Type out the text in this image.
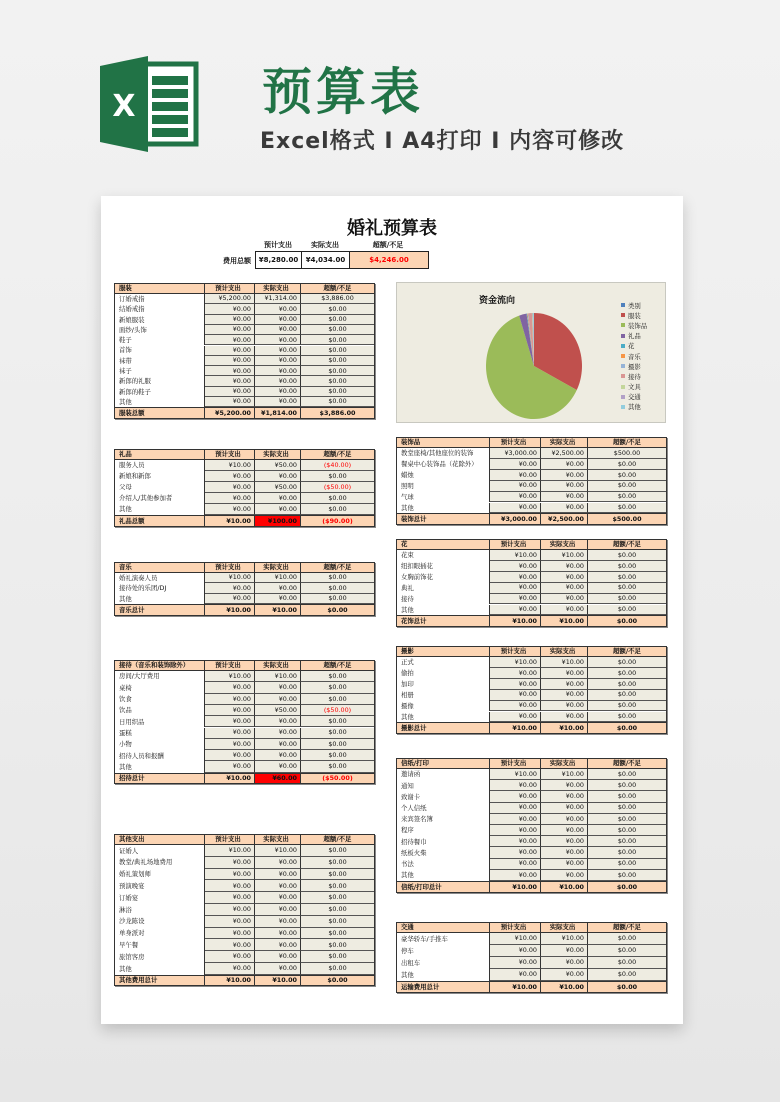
X	预算表
Excel格式 I A4打印 I 内容可修改
婚礼预算表
预计支出	实际支出	超额/不足
费用总额	¥8,280.00	¥4,034.00	$4,246.00
服装	预计支出	实际支出	超额/不足
订婚戒指	¥5,200.00	¥1,314.00	$3,886.00
结婚戒指	¥0.00	¥0.00	$0.00
新娘服装	¥0.00	¥0.00	$0.00
面纱/头饰	¥0.00	¥0.00	$0.00
鞋子	¥0.00	¥0.00	$0.00
首饰	¥0.00	¥0.00	$0.00
袜带	¥0.00	¥0.00	$0.00
袜子	¥0.00	¥0.00	$0.00
新郎的礼服	¥0.00	¥0.00	$0.00
新郎的鞋子	¥0.00	¥0.00	$0.00
其他	¥0.00	¥0.00	$0.00
服装总额	¥5,200.00	¥1,814.00	$3,886.00
礼品	预计支出	实际支出	超额/不足
服务人员	¥10.00	¥50.00	($40.00)
新娘和新郎	¥0.00	¥0.00	$0.00
父母	¥0.00	¥50.00	($50.00)
介绍人/其他参加者	¥0.00	¥0.00	$0.00
其他	¥0.00	¥0.00	$0.00
礼品总额	¥10.00	¥100.00	($90.00)
音乐	预计支出	实际支出	超额/不足
婚礼演奏人员	¥10.00	¥10.00	$0.00
接待处的乐团/DJ	¥0.00	¥0.00	$0.00
其他	¥0.00	¥0.00	$0.00
音乐总计	¥10.00	¥10.00	$0.00
接待（音乐和装饰除外）	预计支出	实际支出	超额/不足
房间/大厅费用	¥10.00	¥10.00	$0.00
桌椅	¥0.00	¥0.00	$0.00
饮食	¥0.00	¥0.00	$0.00
饮品	¥0.00	¥50.00	($50.00)
日用织品	¥0.00	¥0.00	$0.00
蛋糕	¥0.00	¥0.00	$0.00
小物	¥0.00	¥0.00	$0.00
招待人员和报酬	¥0.00	¥0.00	$0.00
其他	¥0.00	¥0.00	$0.00
招待总计	¥10.00	¥60.00	($50.00)
其他支出	预计支出	实际支出	超额/不足
证婚人	¥10.00	¥10.00	$0.00
教堂/典礼场地费用	¥0.00	¥0.00	$0.00
婚礼策划师	¥0.00	¥0.00	$0.00
预演晚宴	¥0.00	¥0.00	$0.00
订婚宴	¥0.00	¥0.00	$0.00
淋浴	¥0.00	¥0.00	$0.00
沙龙陈设	¥0.00	¥0.00	$0.00
单身派对	¥0.00	¥0.00	$0.00
早午餐	¥0.00	¥0.00	$0.00
旅馆客房	¥0.00	¥0.00	$0.00
其他	¥0.00	¥0.00	$0.00
其他费用总计	¥10.00	¥10.00	$0.00
装饰品	预计支出	实际支出	超额/不足
教堂座椅/其他座位的装饰	¥3,000.00	¥2,500.00	$500.00
餐桌中心装饰品（花除外）	¥0.00	¥0.00	$0.00
蜡烛	¥0.00	¥0.00	$0.00
照明	¥0.00	¥0.00	$0.00
气球	¥0.00	¥0.00	$0.00
其他	¥0.00	¥0.00	$0.00
装饰总计	¥3,000.00	¥2,500.00	$500.00
花	预计支出	实际支出	超额/不足
花束	¥10.00	¥10.00	$0.00
纽扣眼插花	¥0.00	¥0.00	$0.00
女胸前饰花	¥0.00	¥0.00	$0.00
典礼	¥0.00	¥0.00	$0.00
接待	¥0.00	¥0.00	$0.00
其他	¥0.00	¥0.00	$0.00
花饰总计	¥10.00	¥10.00	$0.00
摄影	预计支出	实际支出	超额/不足
正式	¥10.00	¥10.00	$0.00
偷拍	¥0.00	¥0.00	$0.00
加印	¥0.00	¥0.00	$0.00
相册	¥0.00	¥0.00	$0.00
摄像	¥0.00	¥0.00	$0.00
其他	¥0.00	¥0.00	$0.00
摄影总计	¥10.00	¥10.00	$0.00
信纸/打印	预计支出	实际支出	超额/不足
邀请函	¥10.00	¥10.00	$0.00
通知	¥0.00	¥0.00	$0.00
致谢卡	¥0.00	¥0.00	$0.00
个人信纸	¥0.00	¥0.00	$0.00
来宾签名簿	¥0.00	¥0.00	$0.00
程序	¥0.00	¥0.00	$0.00
招待餐巾	¥0.00	¥0.00	$0.00
纸板火柴	¥0.00	¥0.00	$0.00
书法	¥0.00	¥0.00	$0.00
其他	¥0.00	¥0.00	$0.00
信纸/打印总计	¥10.00	¥10.00	$0.00
交通	预计支出	实际支出	超额/不足
豪华轿车/手推车	¥10.00	¥10.00	$0.00
停车	¥0.00	¥0.00	$0.00
出租车	¥0.00	¥0.00	$0.00
其他	¥0.00	¥0.00	$0.00
运输费用总计	¥10.00	¥10.00	$0.00
资金流向	类别
服装
装饰品
礼品
花
音乐
摄影
接待
文具
交通
其他
